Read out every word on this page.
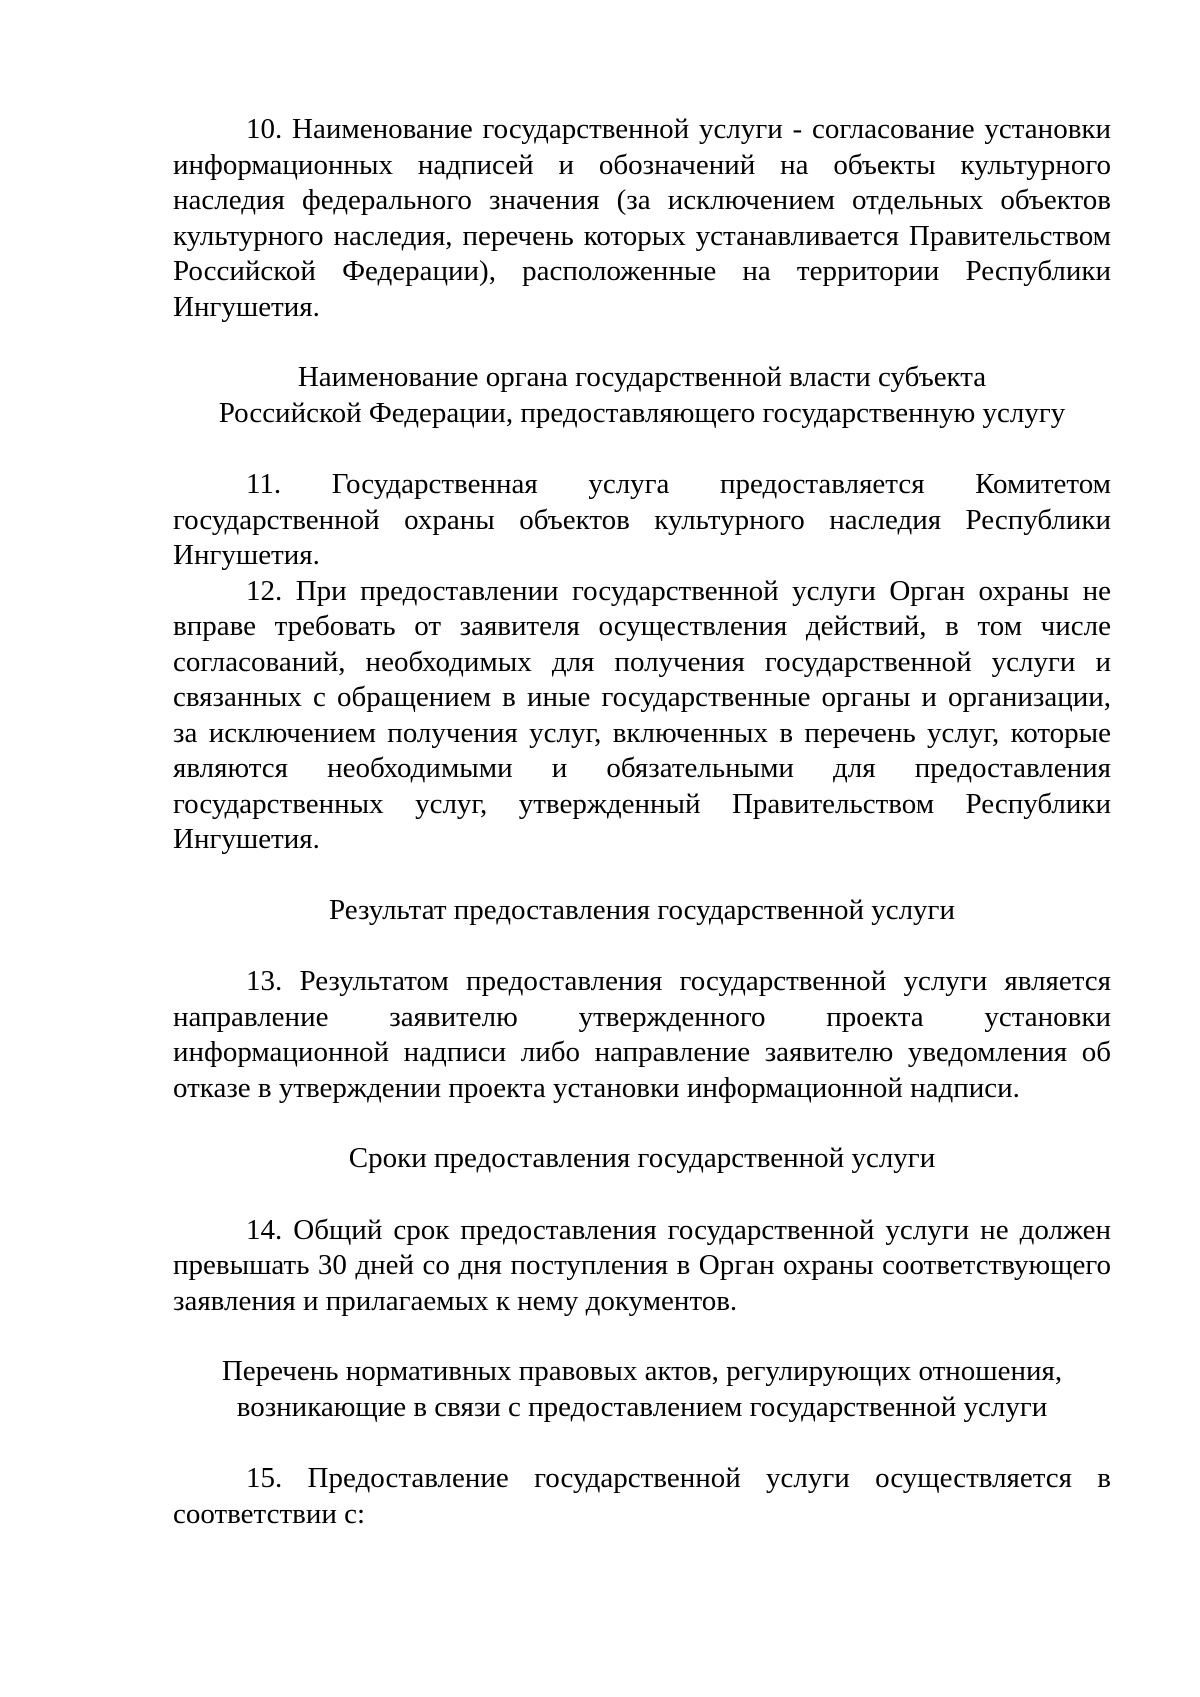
10. Наименование государственной услуги - согласование установки информационных надписей и обозначений на объекты культурного наследия федерального значения (за исключением отдельных объектов культурного наследия, перечень которых устанавливается Правительством Российской Федерации), расположенные на территории Республики Ингушетия.

Наименование органа государственной власти субъекта

Российской Федерации, предоставляющего государственную услугу

11. Государственная услуга предоставляется Комитетом государственной охраны объектов культурного наследия Республики Ингушетия.

12. При предоставлении государственной услуги Орган охраны не вправе требовать от заявителя осуществления действий, в том числе согласований, необходимых для получения государственной услуги и связанных с обращением в иные государственные органы и организации, за исключением получения услуг, включенных в перечень услуг, которые являются необходимыми и обязательными для предоставления государственных услуг, утвержденный Правительством Республики Ингушетия.

Результат предоставления государственной услуги

13. Результатом предоставления государственной услуги является направление заявителю утвержденного проекта установки информационной надписи либо направление заявителю уведомления об отказе в утверждении проекта установки информационной надписи.

Сроки предоставления государственной услуги

14. Общий срок предоставления государственной услуги не должен превышать 30 дней со дня поступления в Орган охраны соответствующего заявления и прилагаемых к нему документов.

Перечень нормативных правовых актов, регулирующих отношения,

возникающие в связи с предоставлением государственной услуги

15. Предоставление государственной услуги осуществляется в соответствии с:
